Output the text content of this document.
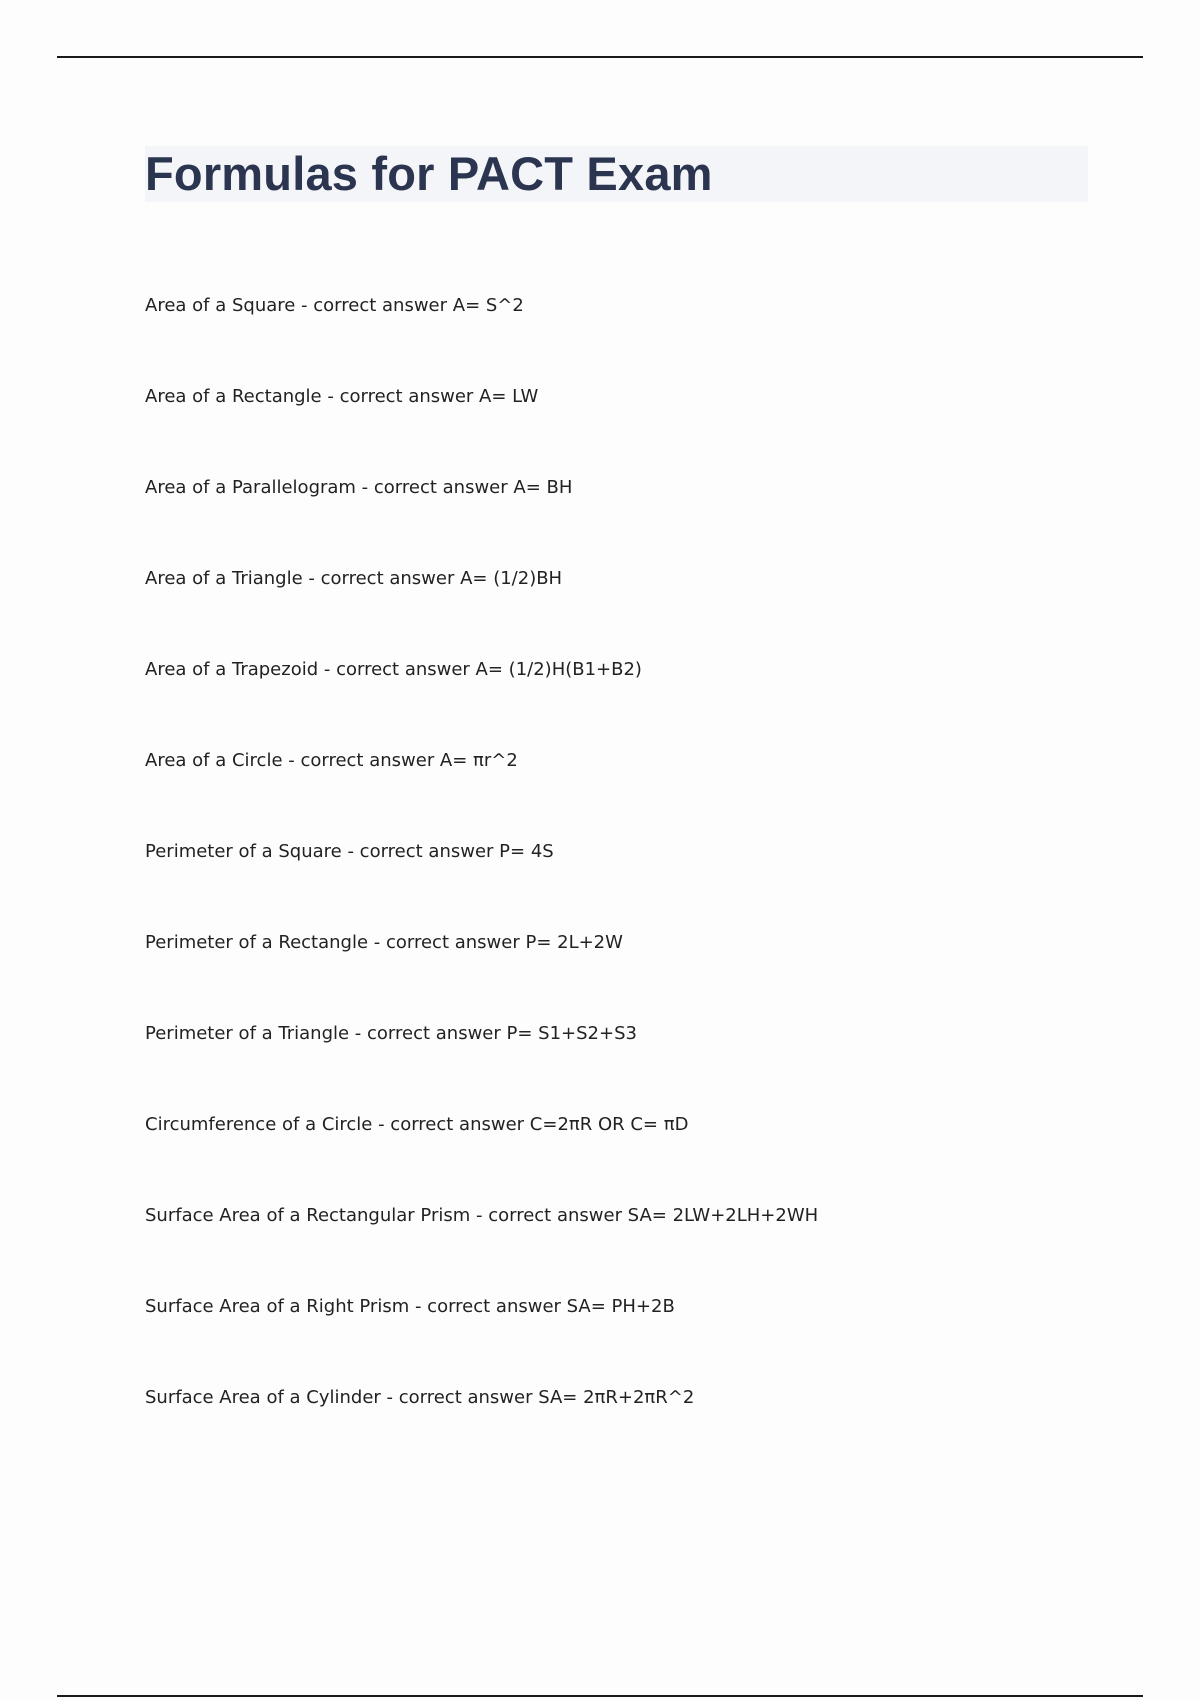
Formulas for PACT Exam
Area of a Square - correct answer A= S^2
Area of a Rectangle - correct answer A= LW
Area of a Parallelogram - correct answer A= BH
Area of a Triangle - correct answer A= (1/2)BH
Area of a Trapezoid - correct answer A= (1/2)H(B1+B2)
Area of a Circle - correct answer A= πr^2
Perimeter of a Square - correct answer P= 4S
Perimeter of a Rectangle - correct answer P= 2L+2W
Perimeter of a Triangle - correct answer P= S1+S2+S3
Circumference of a Circle - correct answer C=2πR OR C= πD
Surface Area of a Rectangular Prism - correct answer SA= 2LW+2LH+2WH
Surface Area of a Right Prism - correct answer SA= PH+2B
Surface Area of a Cylinder - correct answer SA= 2πR+2πR^2
